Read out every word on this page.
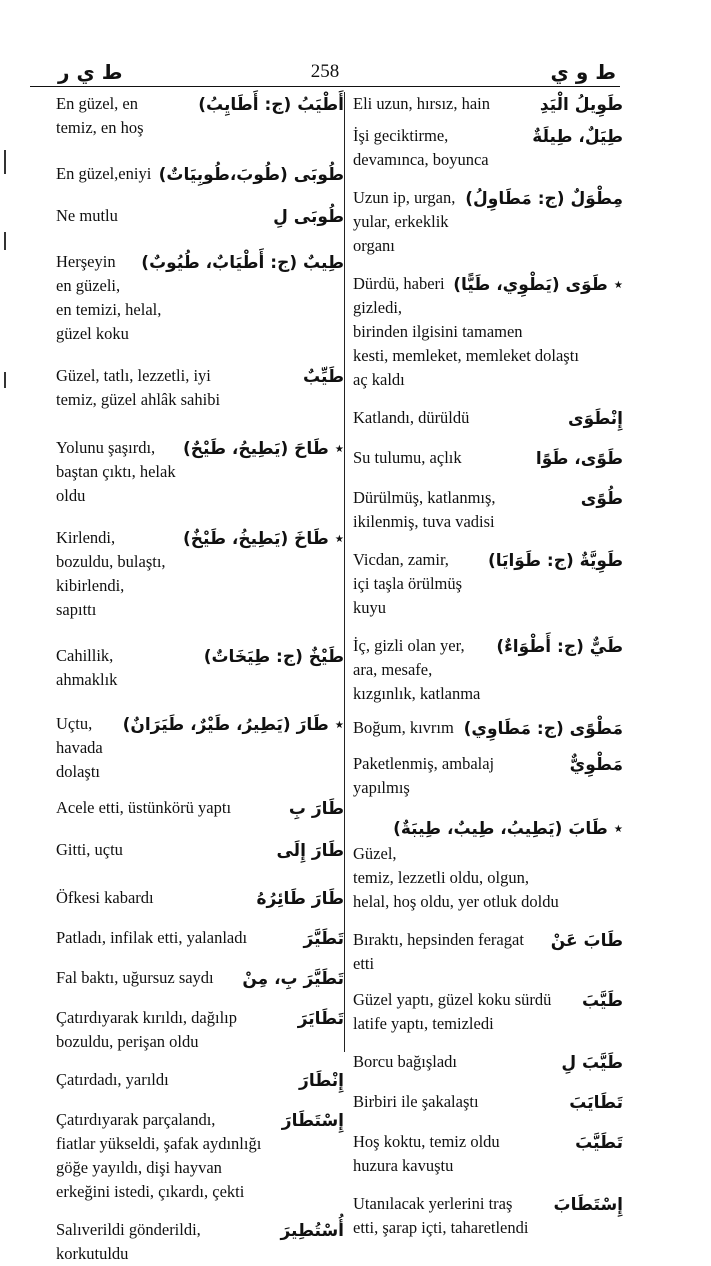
ط ي ر	258	ط و ي
أَطْيَبُ (ج: أَطَايِبُ)
En güzel, en
temiz, en hoş
طُوبَى (طُوبَ،طُوبِيَاتٌ)
En güzel,eniyi
طُوبَى لِ
Ne mutlu
طِيبٌ (ج: أَطْيَابٌ، طُيُوبٌ)
Herşeyin
en güzeli, en temizi, helal,
güzel koku
طَيِّبٌ
Güzel, tatlı, lezzetli, iyi
temiz, güzel ahlâk sahibi
٭ طَاحَ (يَطِيحُ، طَيْحٌ)
Yolunu şaşırdı,
baştan çıktı, helak oldu
٭ طَاخَ (يَطِيخُ، طَيْخٌ)
Kirlendi,
bozuldu, bulaştı, kibirlendi,
sapıttı
طَيْخٌ (ج: طِيَخَاتٌ)
Cahillik,
ahmaklık
٭ طَارَ (يَطِيرُ، طَيْرٌ، طَيَرَانٌ)
Uçtu,
havada dolaştı
طَارَ بِ
Acele etti, üstünkörü yaptı
طَارَ إِلَى
Gitti, uçtu
طَارَ طَائِرُهُ
Öfkesi kabardı
تَطَيَّرَ
Patladı, infilak etti, yalanladı
تَطَيَّرَ بِ، مِنْ
Fal baktı, uğursuz saydı
تَطَايَرَ
Çatırdıyarak kırıldı, dağılıp
bozuldu, perişan oldu
إِنْطَارَ
Çatırdadı, yarıldı
إِسْتَطَارَ
Çatırdıyarak parçalandı,
fiatlar yükseldi, şafak aydınlığı
göğe yayıldı, dişi hayvan
erkeğini istedi, çıkardı, çekti
أُسْتُطِيرَ
Salıverildi gönderildi,
korkutuldu
طَوِيلُ الْيَدِ
Eli uzun, hırsız, hain
طِيَلٌ، طِيلَةٌ
İşi geciktirme,
devamınca, boyunca
مِطْوَلٌ (ج: مَطَاوِلُ)
Uzun ip, urgan,
yular, erkeklik organı
٭ طَوَى (يَطْوِي، طَيًّا)
Dürdü, haberi
gizledi, birinden ilgisini tamamen
kesti, memleket, memleket dolaştı
aç kaldı
إِنْطَوَى
Katlandı, dürüldü
طَوًى، طَوًا
Su tulumu, açlık
طُوًى
Dürülmüş, katlanmış,
ikilenmiş, tuva vadisi
طَوِيَّةٌ (ج: طَوَايَا)
Vicdan, zamir,
içi taşla örülmüş kuyu
طَيٌّ (ج: أَطْوَاءٌ)
İç, gizli olan yer,
ara, mesafe, kızgınlık, katlanma
مَطْوًى (ج: مَطَاوِي)
Boğum, kıvrım
مَطْوِيٌّ
Paketlenmiş, ambalaj
yapılmış
٭ طَابَ (يَطِيبُ، طِيبٌ، طِيبَةٌ)
Güzel,
temiz, lezzetli oldu, olgun,
helal, hoş oldu, yer otluk doldu
طَابَ عَنْ
Bıraktı, hepsinden feragat
etti
طَيَّبَ
Güzel yaptı, güzel koku sürdü
latife yaptı, temizledi
طَيَّبَ لِ
Borcu bağışladı
تَطَايَبَ
Birbiri ile şakalaştı
تَطَيَّبَ
Hoş koktu, temiz oldu
huzura kavuştu
إِسْتَطَابَ
Utanılacak yerlerini traş
etti, şarap içti, taharetlendi
